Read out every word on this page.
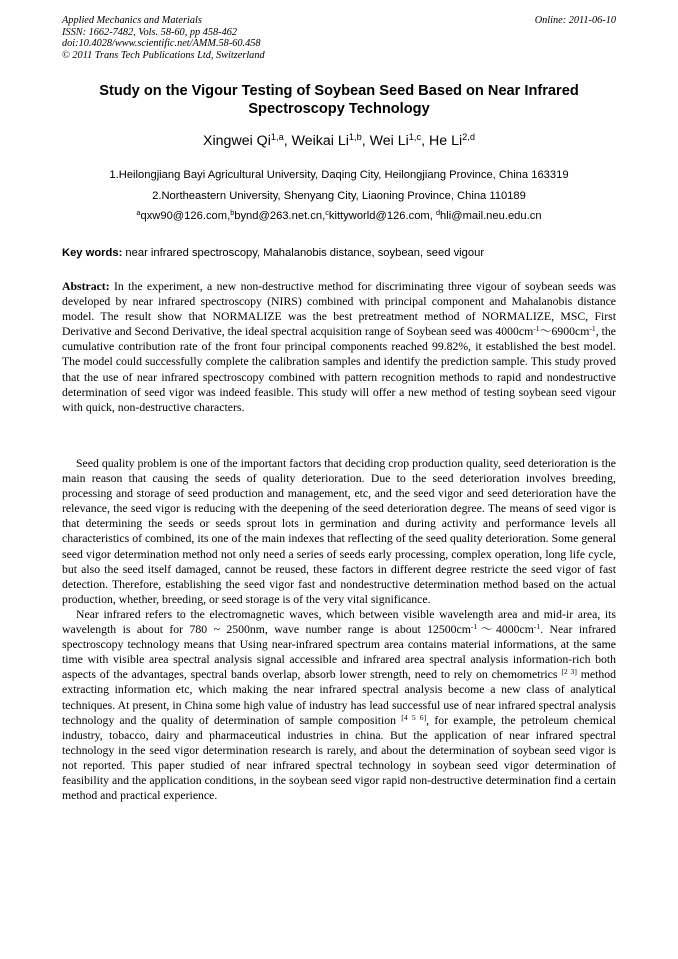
Applied Mechanics and Materials
ISSN: 1662-7482, Vols. 58-60, pp 458-462
doi:10.4028/www.scientific.net/AMM.58-60.458
© 2011 Trans Tech Publications Ltd, Switzerland
Online: 2011-06-10
Study on the Vigour Testing of Soybean Seed Based on Near Infrared
Spectroscopy Technology
Xingwei Qi$^{1,a}$, Weikai Li$^{1,b}$, Wei Li$^{1,c}$, He Li$^{2,d}$
1.Heilongjiang Bayi Agricultural University, Daqing City, Heilongjiang Province, China 163319
2.Northeastern University, Shenyang City, Liaoning Province, China 110189
$^a$qxw90@126.com,$^b$bynd@263.net.cn,$^c$kittyworld@126.com, $^d$hli@mail.neu.edu.cn
Key words: near infrared spectroscopy, Mahalanobis distance, soybean, seed vigour
Abstract: In the experiment, a new non-destructive method for discriminating three vigour of soybean seeds was developed by near infrared spectroscopy (NIRS) combined with principal component and Mahalanobis distance model. The result show that NORMALIZE was the best pretreatment method of NORMALIZE, MSC, First Derivative and Second Derivative, the ideal spectral acquisition range of Soybean seed was $4000cm^{-1}\sim 6900cm^{-1}$, the cumulative contribution rate of the front four principal components reached 99.82%, it established the best model. The model could successfully complete the calibration samples and identify the prediction sample. This study proved that the use of near infrared spectroscopy combined with pattern recognition methods to rapid and nondestructive determination of seed vigor was indeed feasible. This study will offer a new method of testing soybean seed vigour with quick, non-destructive characters.

Seed quality problem is one of the important factors that deciding crop production quality, seed deterioration is the main reason that causing the seeds of quality deterioration. Due to the seed deterioration involves breeding, processing and storage of seed production and management, etc, and the seed vigor and seed deterioration have the relevance, the seed vigor is reducing with the deepening of the seed deterioration degree. The means of seed vigor is that determining the seeds or seeds sprout lots in germination and during activity and performance levels all characteristics of combined, its one of the main indexes that reflecting of the seed quality deterioration. Some general seed vigor determination method not only need a series of seeds early processing, complex operation, long life cycle, but also the seed itself damaged, cannot be reused, these factors in different degree restricte the seed vigor of fast detection. Therefore, establishing the seed vigor fast and nondestructive determination method based on the actual production, whether, breeding, or seed storage is of the very vital significance.

Near infrared refers to the electromagnetic waves, which between visible wavelength area and mid-ir area, its wavelength is about for 780 ~ 2500nm, wave number range is about $12500cm^{-1}\sim 4000cm^{-1}$. Near infrared spectroscopy technology means that Using near-infrared spectrum area contains material informations, at the same time with visible area spectral analysis signal accessible and infrared area spectral analysis information-rich both aspects of the advantages, spectral bands overlap, absorb lower strength, need to rely on chemometrics [2 3] method extracting information etc, which making the near infrared spectral analysis become a new class of analytical techniques. At present, in China some high value of industry has lead successful use of near infrared spectral analysis technology and the quality of determination of sample composition [4 5 6], for example, the petroleum chemical industry, tobacco, dairy and pharmaceutical industries in china. But the application of near infrared spectral technology in the seed vigor determination research is rarely, and about the determination of soybean seed vigor is not reported. This paper studied of near infrared spectral technology in soybean seed vigor determination of feasibility and the application conditions, in the soybean seed vigor rapid non-destructive determination find a certain method and practical experience.
